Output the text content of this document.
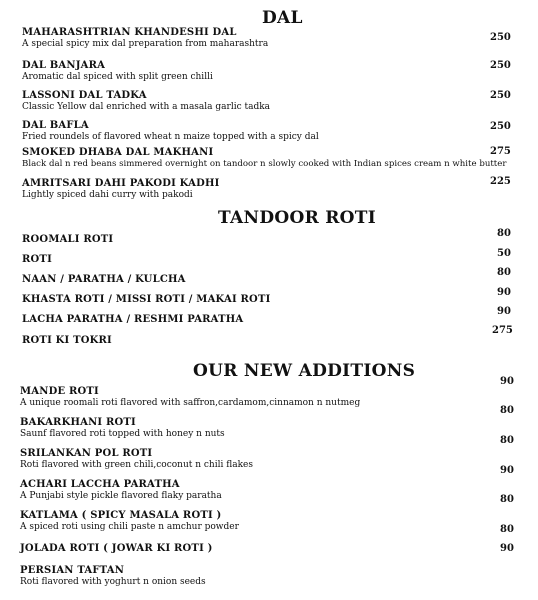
DAL
MAHARASHTRIAN KHANDESHI DAL
A special spicy mix dal preparation from maharashtra
250
DAL BANJARA
Aromatic dal spiced with split green chilli
250
LASSONI DAL TADKA
Classic Yellow dal enriched with a masala garlic tadka
250
DAL BAFLA
Fried roundels of flavored wheat n maize topped with a spicy dal
250
SMOKED DHABA DAL MAKHANI
Black dal n red beans simmered overnight on tandoor n slowly cooked with Indian spices cream n white butter
275
AMRITSARI DAHI PAKODI KADHI
Lightly spiced dahi curry with pakodi
225
TANDOOR ROTI
ROOMALI ROTI
80
ROTI
50
NAAN / PARATHA / KULCHA
80
KHASTA ROTI / MISSI ROTI / MAKAI ROTI
90
LACHA PARATHA / RESHMI PARATHA
90
ROTI KI TOKRI
275
OUR NEW ADDITIONS
MANDE ROTI
A unique roomali roti flavored with saffron,cardamom,cinnamon n nutmeg
90
BAKARKHANI ROTI
Saunf flavored roti topped with honey n nuts
80
SRILANKAN POL ROTI
Roti flavored with green chili,coconut n chili flakes
80
ACHARI LACCHA PARATHA
A Punjabi style pickle flavored flaky paratha
90
KATLAMA ( SPICY MASALA ROTI )
A spiced roti using chili paste n amchur powder
80
JOLADA ROTI ( JOWAR KI ROTI )
80
PERSIAN TAFTAN
Roti flavored with yoghurt n onion seeds
90
